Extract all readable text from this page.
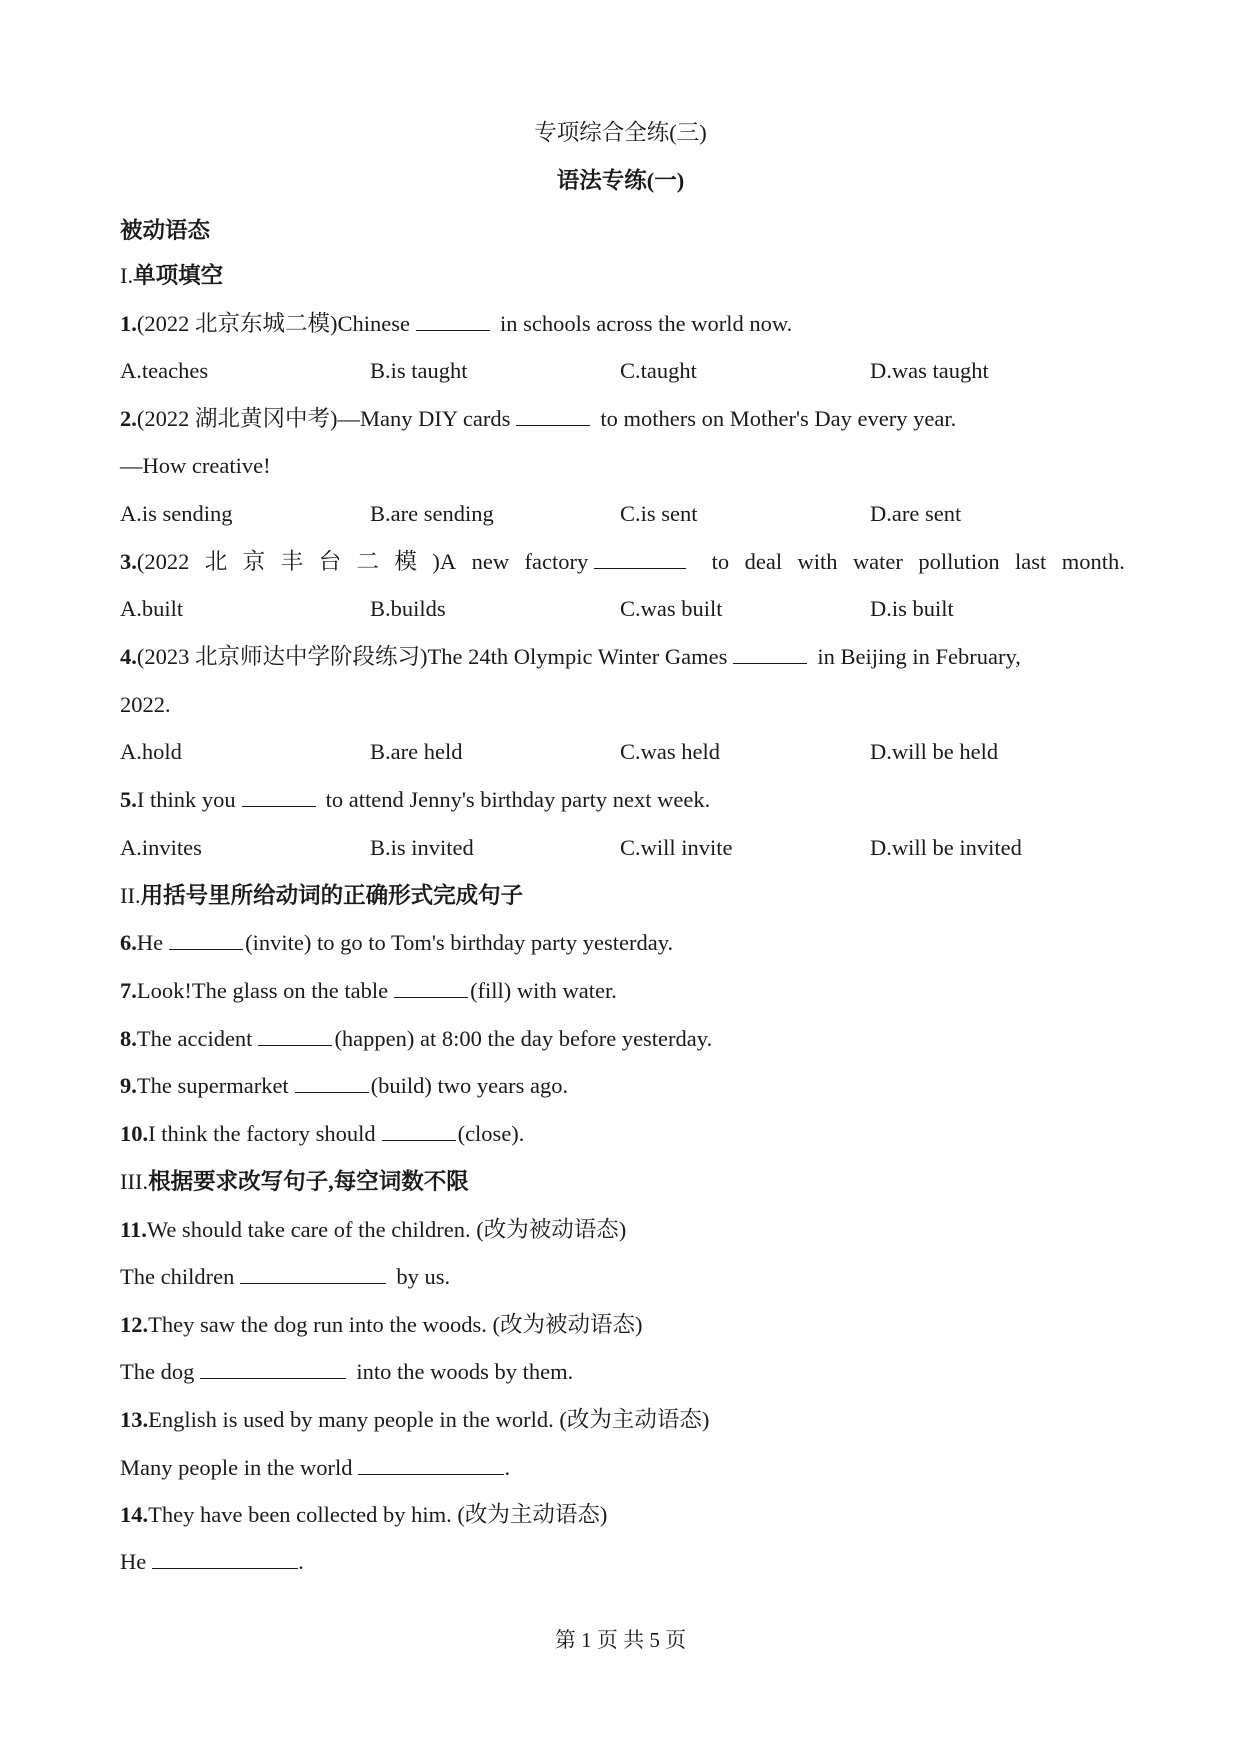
专项综合全练(三)
语法专练(一)
被动语态
I.单项填空
1.(2022 北京东城二模)Chinese	in schools across the world now.
A.teaches	B.is taught	C.taught	D.was taught
2.(2022 湖北黄冈中考)—Many DIY cards	to mothers on Mother's Day every year.
—How creative!
A.is sending	B.are sending	C.is sent	D.are sent
3.(2022 北 京 丰 台 二 模 )A new factory	to deal with water pollution last month.
A.built	B.builds	C.was built	D.is built
4.(2023 北京师达中学阶段练习)The 24th Olympic Winter Games	in Beijing in February,
2022.
A.hold	B.are held	C.was held	D.will be held
5.I think you	to attend Jenny's birthday party next week.
A.invites	B.is invited	C.will invite	D.will be invited
II.用括号里所给动词的正确形式完成句子
6.He	(invite) to go to Tom's birthday party yesterday.
7.Look!The glass on the table	(fill) with water.
8.The accident	(happen) at 8:00 the day before yesterday.
9.The supermarket	(build) two years ago.
10.I think the factory should	(close).
III.根据要求改写句子,每空词数不限
11.We should take care of the children. (改为被动语态)
The children	by us.
12.They saw the dog run into the woods. (改为被动语态)
The dog	into the woods by them.
13.English is used by many people in the world. (改为主动语态)
Many people in the world	.
14.They have been collected by him. (改为主动语态)
He	.
第 1 页 共 5 页
